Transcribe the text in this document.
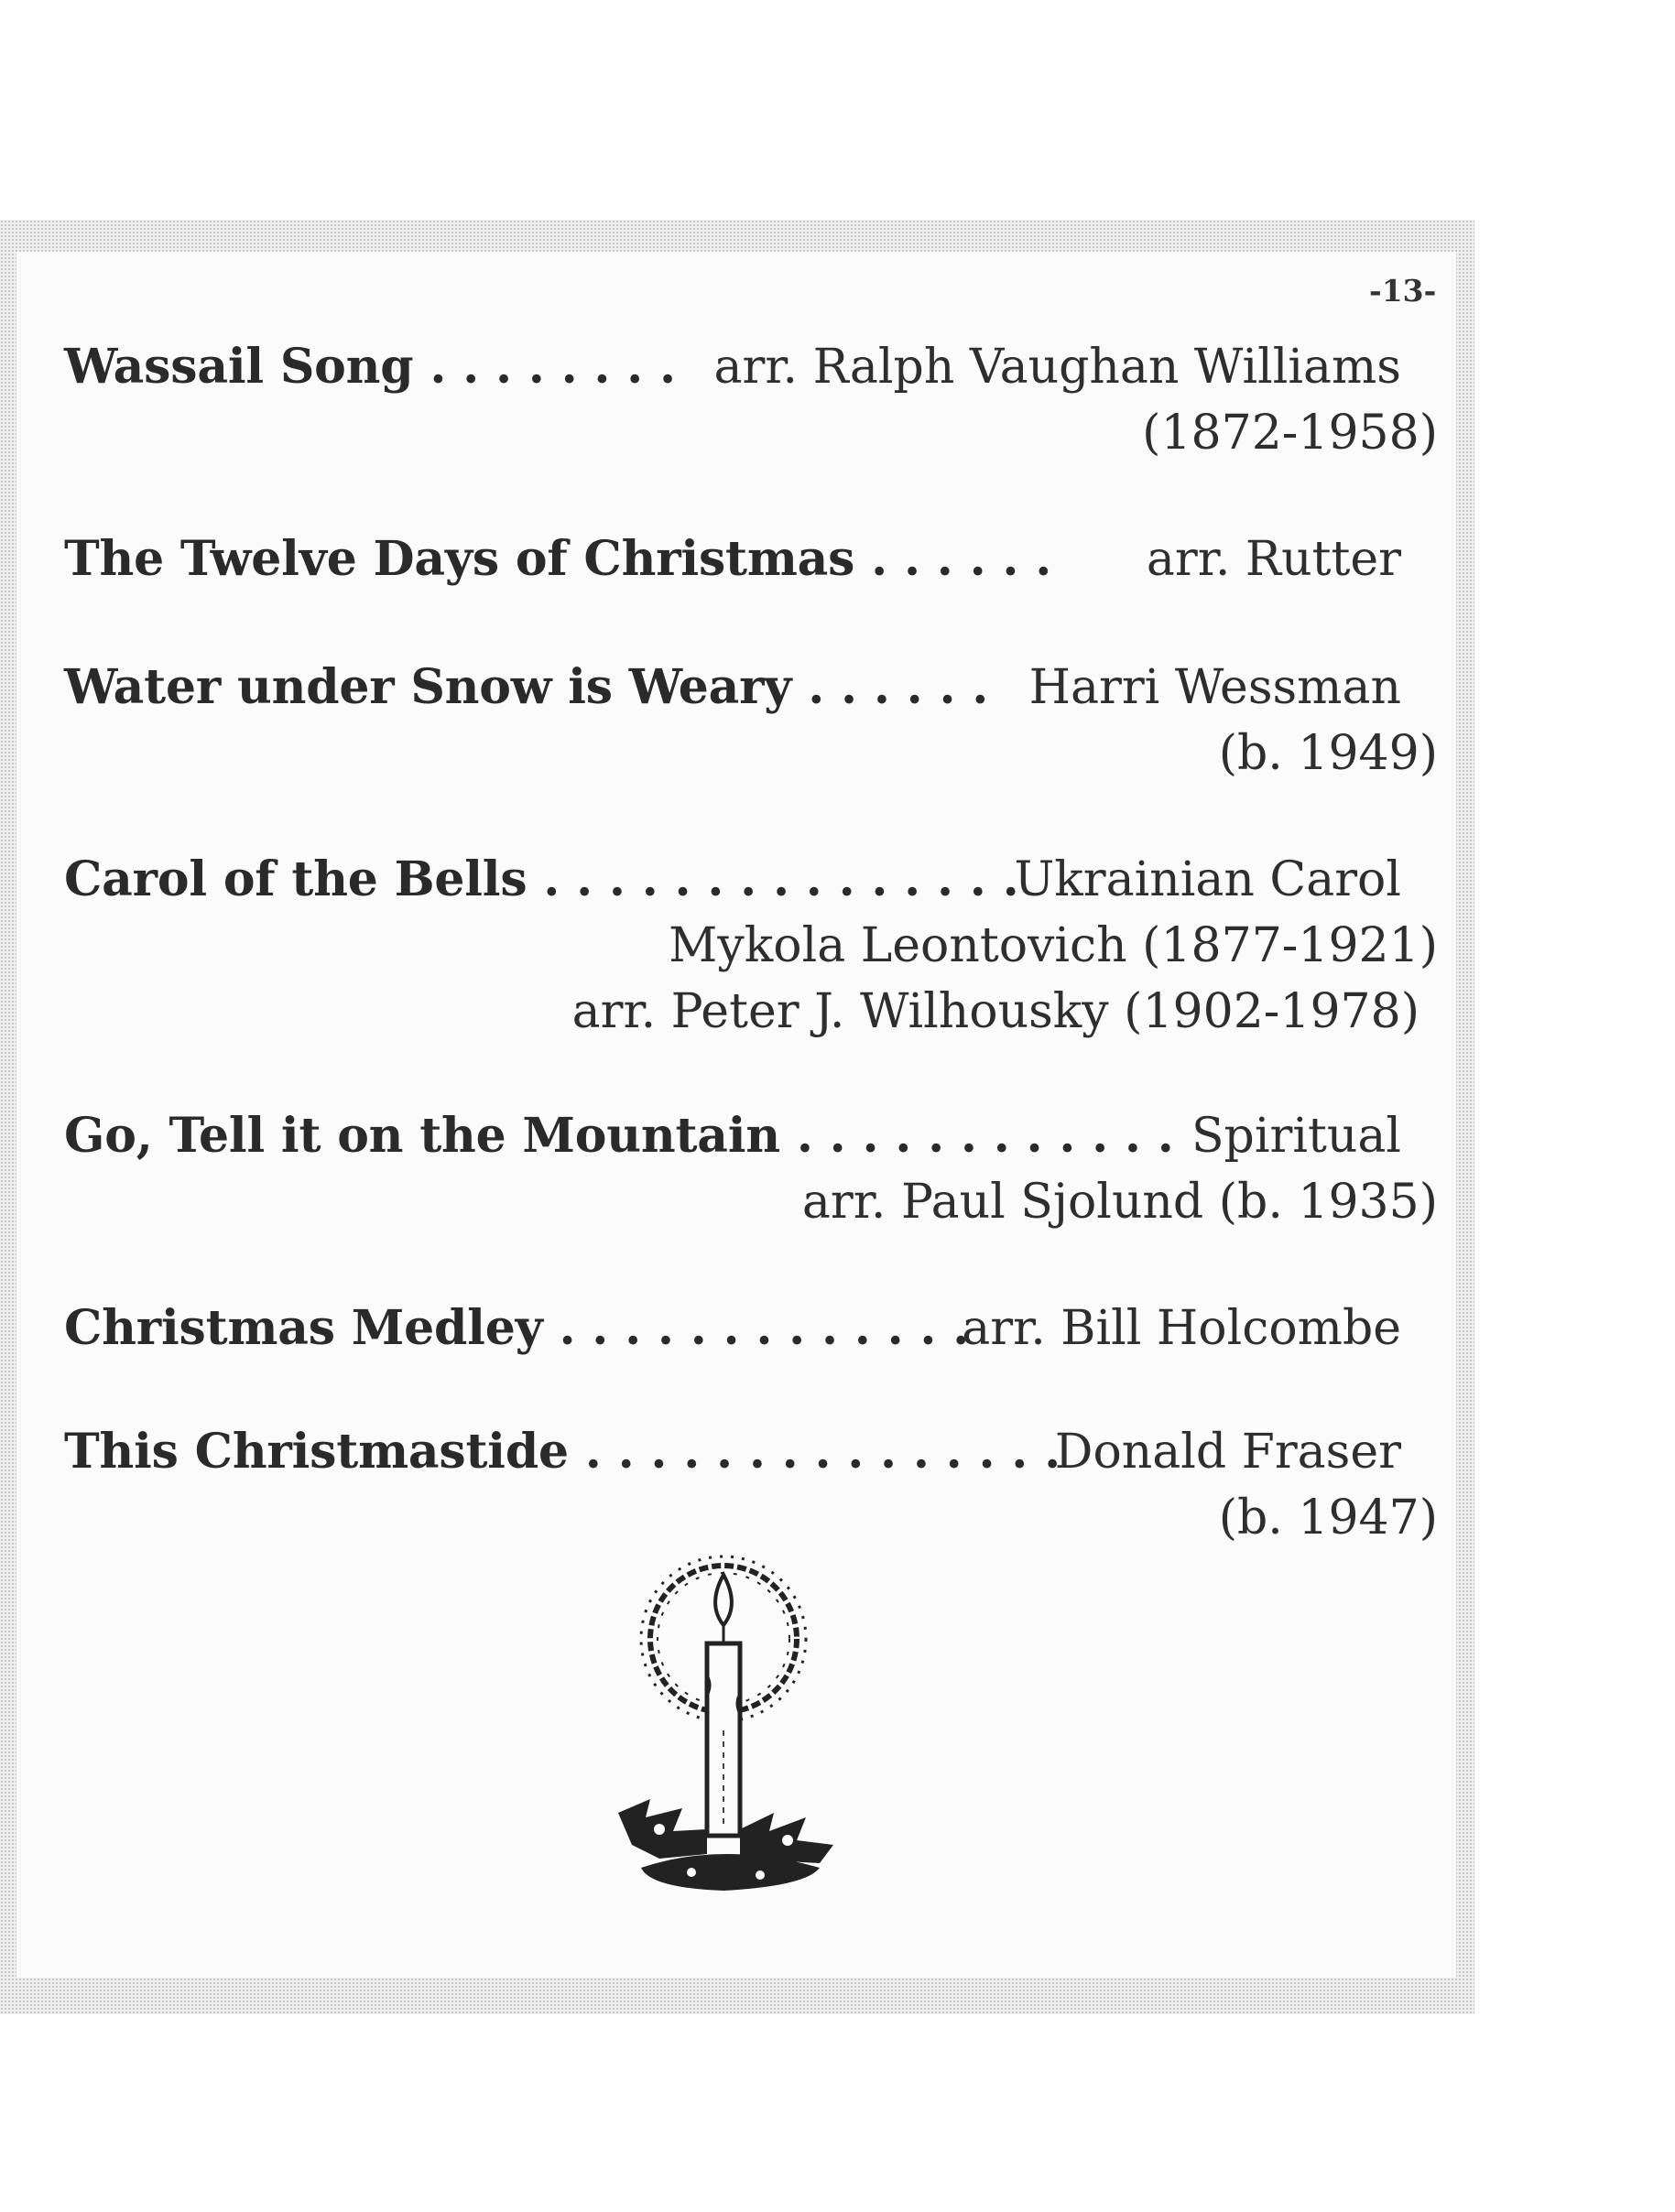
-13-
Wassail Song . . . . . . . . arr. Ralph Vaughan Williams
(1872-1958)
The Twelve Days of Christmas . . . . . . arr. Rutter
Water under Snow is Weary . . . . . . Harri Wessman
(b. 1949)
Carol of the Bells . . . . . . . . . . . . . . .
Ukrainian Carol
Mykola Leontovich (1877-1921)
arr. Peter J. Wilhousky (1902-1978)
Go, Tell it on the Mountain . . . . . . . . . . . . Spiritual
arr. Paul Sjolund (b. 1935)
Christmas Medley . . . . . . . . . . . . .
arr. Bill Holcombe
This Christmastide . . . . . . . . . . . . . . .
Donald Fraser
(b. 1947)
